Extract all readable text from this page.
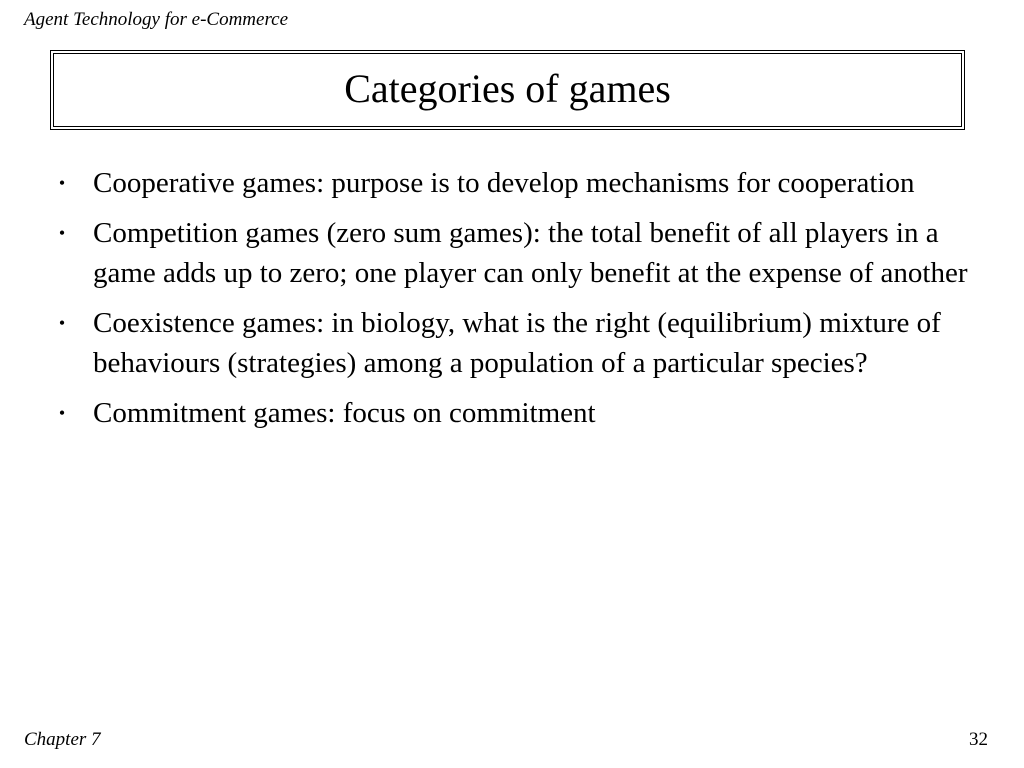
Agent Technology for e-Commerce
Categories of games
• Cooperative games: purpose is to develop mechanisms for cooperation
• Competition games (zero sum games): the total benefit of all players in a game adds up to zero; one player can only benefit at the expense of another
• Coexistence games: in biology, what is the right (equilibrium) mixture of behaviours (strategies) among a population of a particular species?
• Commitment games: focus on commitment
Chapter 7	32
